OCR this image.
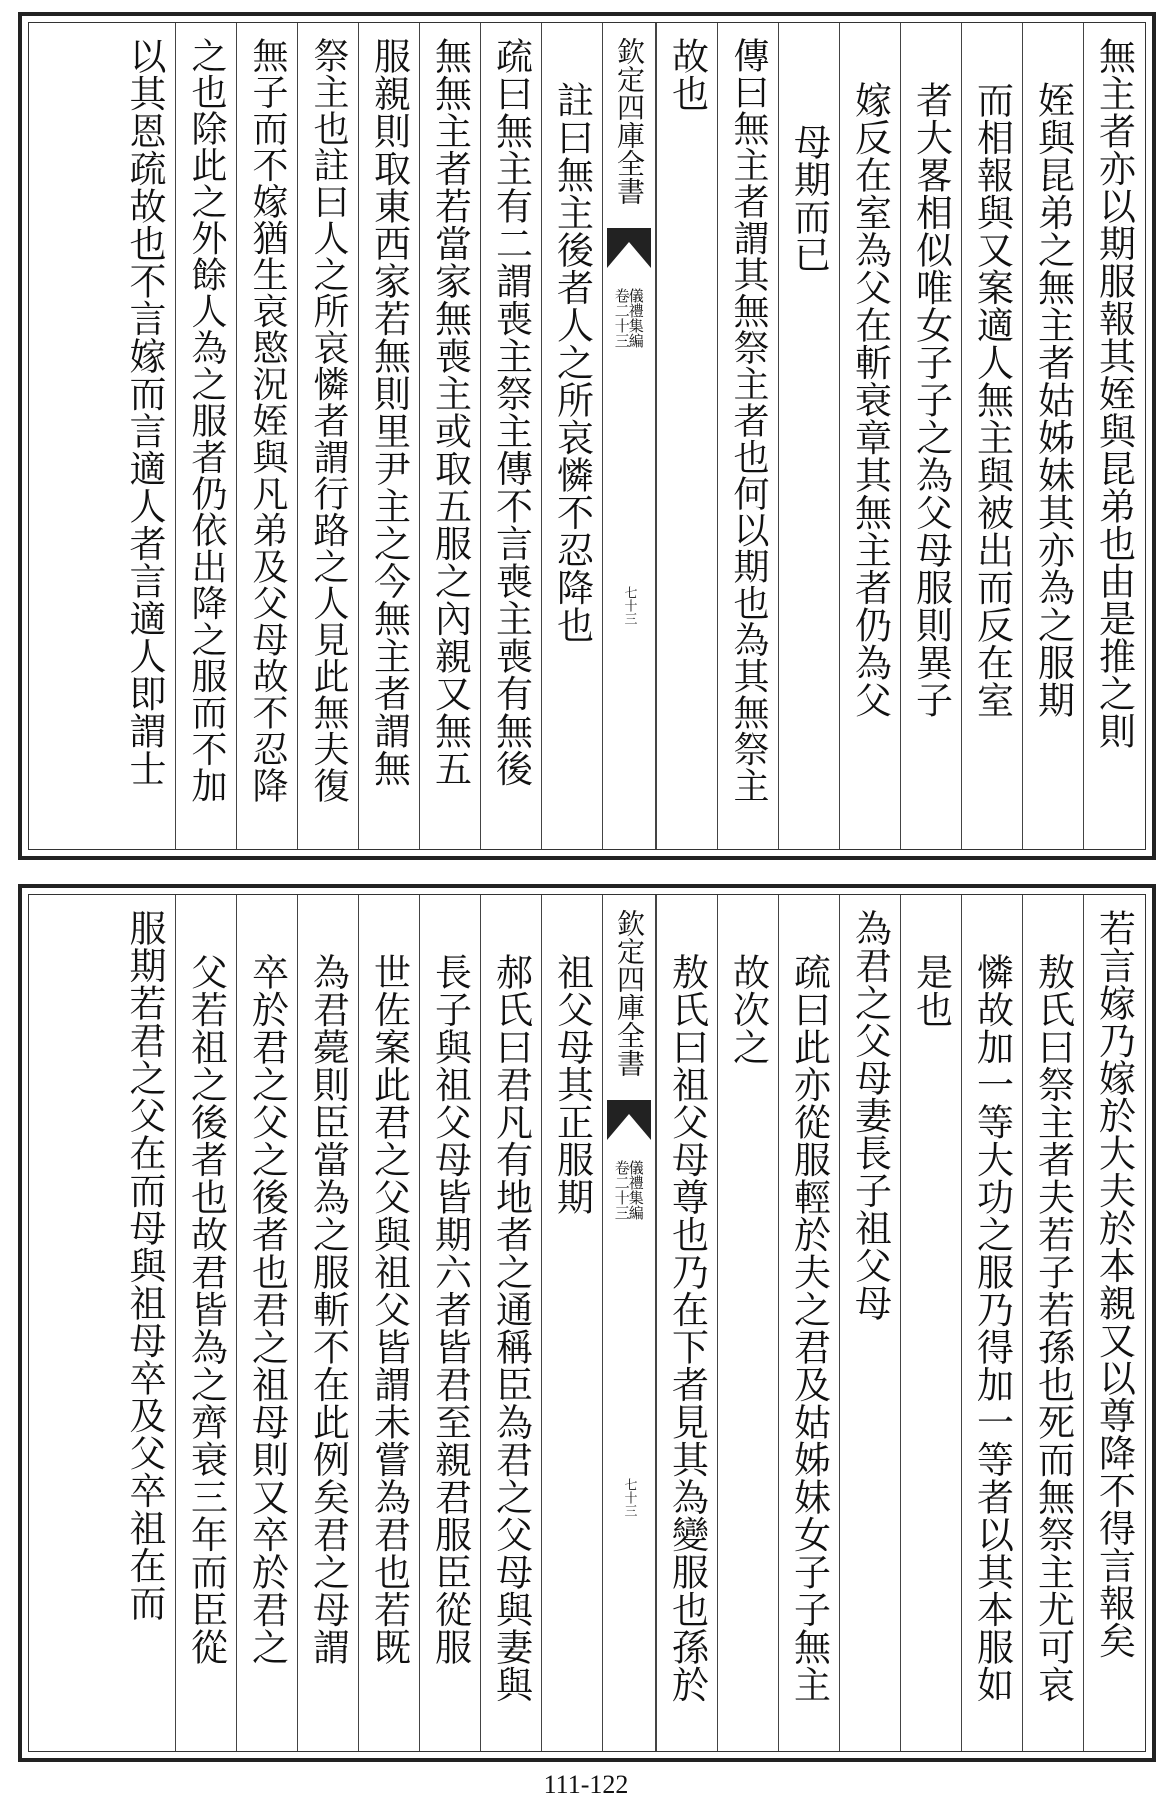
無主者亦以期服報其姪與昆弟也由是推之則
姪與昆弟之無主者姑姊妹其亦為之服期
而相報與又案適人無主與被出而反在室
者大畧相似唯女子子之為父母服則異子
嫁反在室為父在斬衰章其無主者仍為父
母期而已
傳曰無主者謂其無祭主者也何以期也為其無祭主
故也
欽定四庫全書
儀禮集編
卷二十三
七十三
註曰無主後者人之所哀憐不忍降也
疏曰無主有二謂喪主祭主傳不言喪主喪有無後
無無主者若當家無喪主或取五服之內親又無五
服親則取東西家若無則里尹主之今無主者謂無
祭主也註曰人之所哀憐者謂行路之人見此無夫復
無子而不嫁猶生哀愍況姪與凡弟及父母故不忍降
之也除此之外餘人為之服者仍依出降之服而不加
以其恩疏故也不言嫁而言適人者言適人即謂士
若言嫁乃嫁於大夫於本親又以尊降不得言報矣
敖氏曰祭主者夫若子若孫也死而無祭主尤可哀
憐故加一等大功之服乃得加一等者以其本服如
是也
為君之父母妻長子祖父母
疏曰此亦從服輕於夫之君及姑姊妹女子子無主
故次之
敖氏曰祖父母尊也乃在下者見其為變服也孫於
欽定四庫全書
儀禮集編
卷二十三
七十三
祖父母其正服期
郝氏曰君凡有地者之通稱臣為君之父母與妻與
長子與祖父母皆期六者皆君至親君服臣從服
世佐案此君之父與祖父皆謂未嘗為君也若既
為君薨則臣當為之服斬不在此例矣君之母謂
卒於君之父之後者也君之祖母則又卒於君之
父若祖之後者也故君皆為之齊衰三年而臣從
服期若君之父在而母與祖母卒及父卒祖在而
111-122
